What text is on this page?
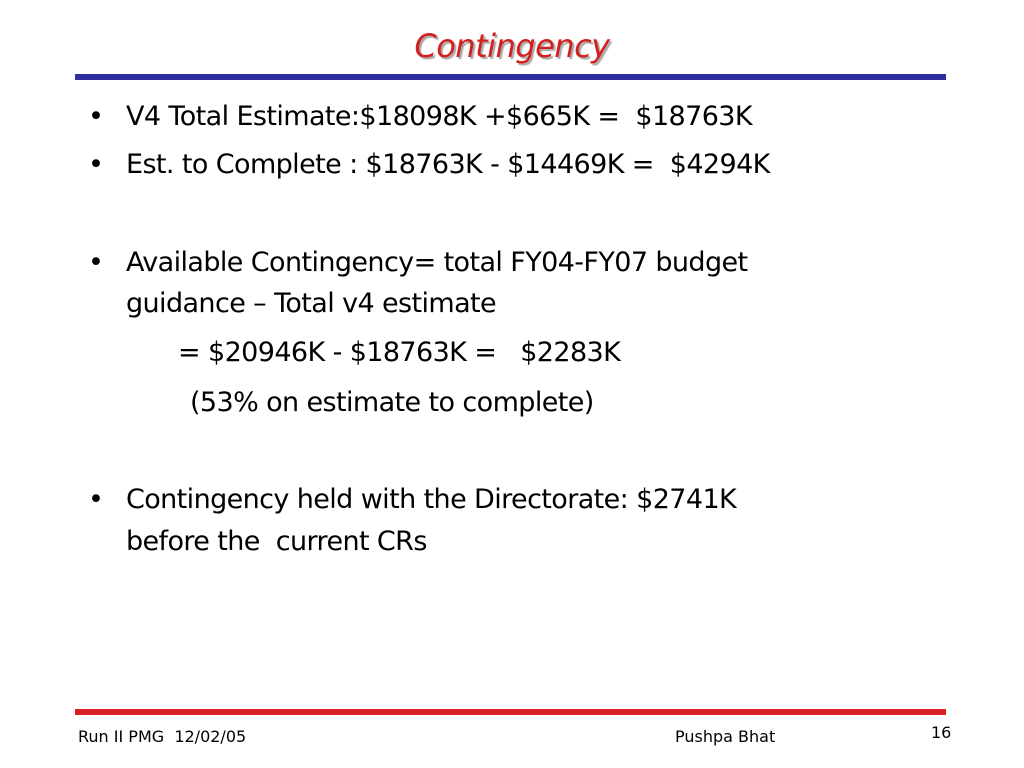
Contingency
• V4 Total Estimate:$18098K +$665K =  $18763K
• Est. to Complete : $18763K - $14469K =  $4294K
• Available Contingency= total FY04-FY07 budget
guidance – Total v4 estimate
= $20946K - $18763K =   $2283K
(53% on estimate to complete)
• Contingency held with the Directorate: $2741K
before the  current CRs
Run II PMG  12/02/05	Pushpa Bhat	16
